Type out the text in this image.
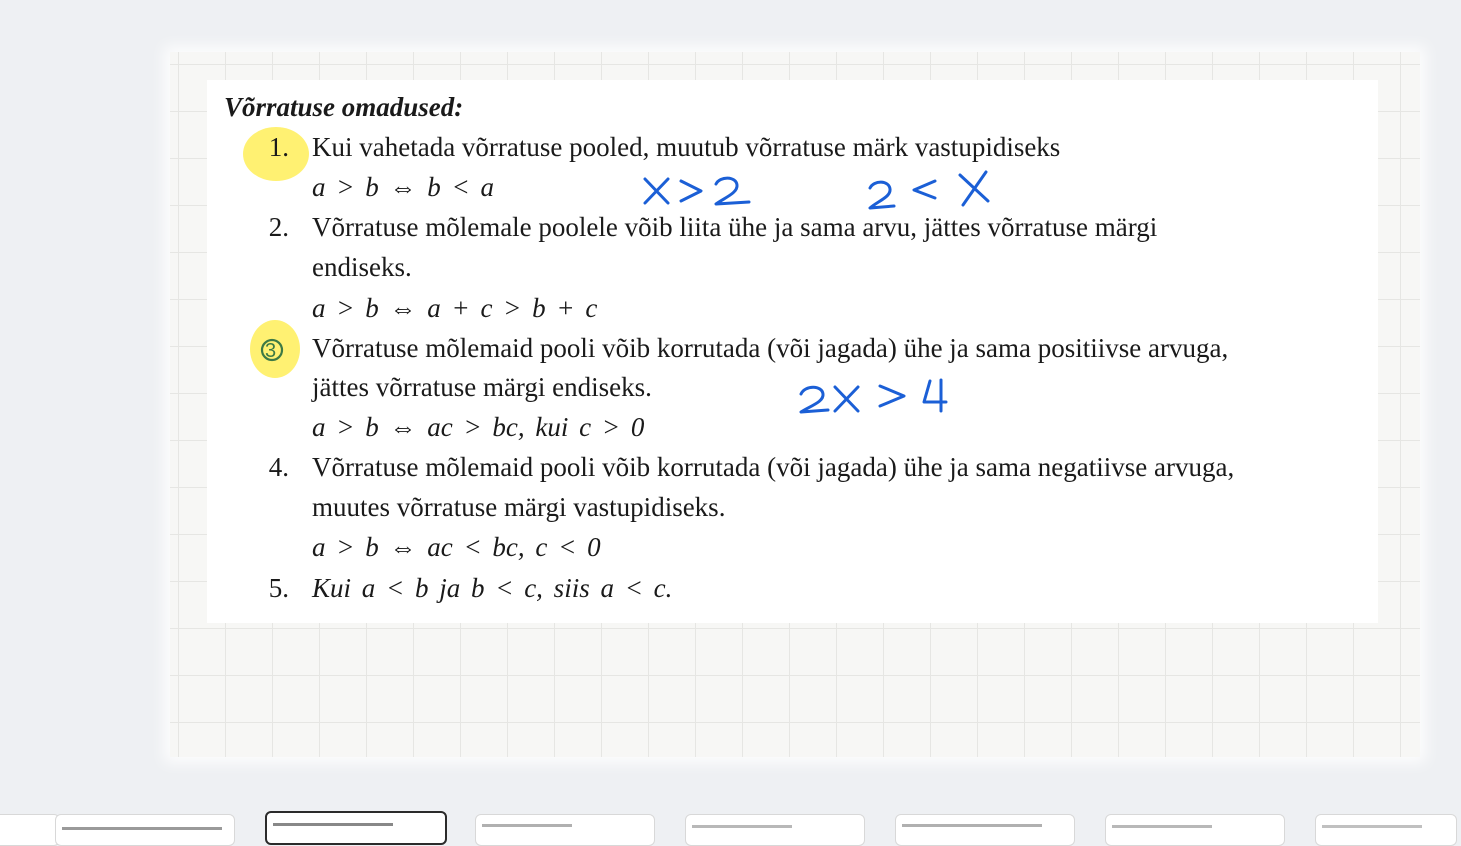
Võrratuse omadused:
1. Kui vahetada võrratuse pooled, muutub võrratuse märk vastupidiseks
a > b ⇔ b < a
2. Võrratuse mõlemale poolele võib liita ühe ja sama arvu, jättes võrratuse märgi
endiseks.
a > b ⇔ a + c > b + c
Võrratuse mõlemaid pooli võib korrutada (või jagada) ühe ja sama positiivse arvuga,
jättes võrratuse märgi endiseks.
a > b ⇔ ac > bc, kui c > 0
4. Võrratuse mõlemaid pooli võib korrutada (või jagada) ühe ja sama negatiivse arvuga,
muutes võrratuse märgi vastupidiseks.
a > b ⇔ ac < bc, c < 0
5. Kui a < b ja b < c, siis a < c.
3
